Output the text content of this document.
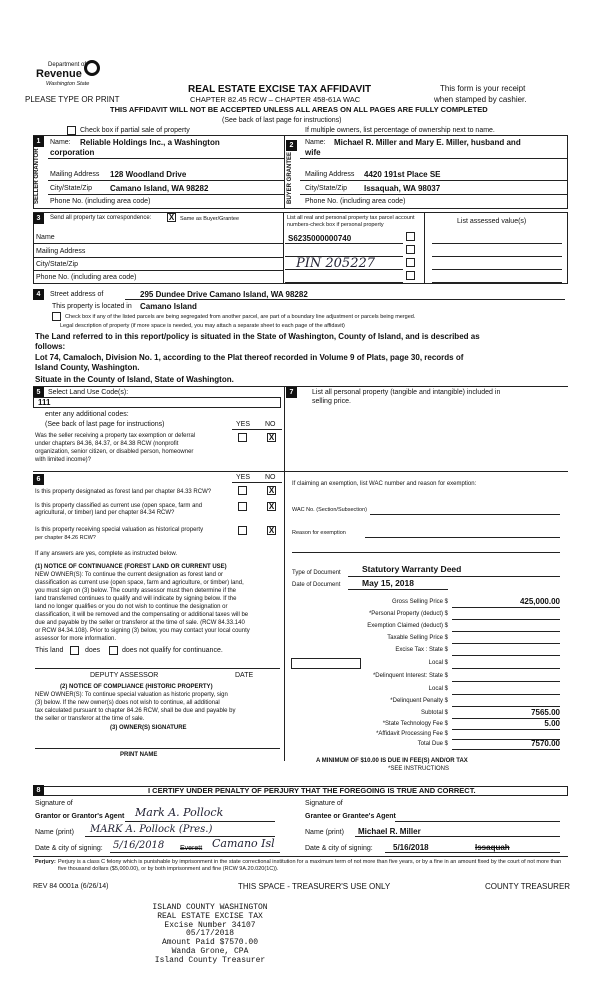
Department of
Revenue
Washington State	REAL ESTATE EXCISE TAX AFFIDAVIT
PLEASE TYPE OR PRINT	CHAPTER 82.45 RCW – CHAPTER 458-61A WAC
This form is your receipt
when stamped by cashier.
THIS AFFIDAVIT WILL NOT BE ACCEPTED UNLESS ALL AREAS ON ALL PAGES ARE FULLY COMPLETED
(See back of last page for instructions)
Check box if partial sale of property	If multiple owners, list percentage of ownership next to name.
1
SELLER GRANTOR
Name: Reliable Holdings Inc., a Washington
corporation
Mailing Address 128 Woodland Drive
City/State/Zip Camano Island, WA 98282
Phone No. (including area code)
2
BUYER GRANTEE
Name: Michael R. Miller and Mary E. Miller, husband and
wife
Mailing Address 4420 191st Place SE
City/State/Zip Issaquah, WA 98037
Phone No. (including area code)
3	Send all property tax correspondence: X	Same as Buyer/Grantee
Name
Mailing Address
City/State/Zip
Phone No. (including area code)
List all real and personal property tax parcel account numbers-check box if personal property
S6235000000740
PIN 205227
List assessed value(s)
4	Street address of	295 Dundee Drive Camano Island, WA 98282
This property is located in Camano Island
Check box if any of the listed parcels are being segregated from another parcel, are part of a boundary line adjustment or parcels being merged.
Legal description of property (if more space is needed, you may attach a separate sheet to each page of the affidavit)
The Land referred to in this report/policy is situated in the State of Washington, County of Island, and is described as
follows:
Lot 74, Camaloch, Division No. 1, according to the Plat thereof recorded in Volume 9 of Plats, page 30, records of
Island County, Washington.
Situate in the County of Island, State of Washington.
5	Select Land Use Code(s):
111
enter any additional codes:
(See back of last page for instructions)	YES NO
Was the seller receiving a property tax exemption or deferral
under chapters 84.36, 84.37, or 84.38 RCW (nonprofit
organization, senior citizen, or disabled person, homeowner
with limited income)?
X
7	List all personal property (tangible and intangible) included in
selling price.
6	YES NO
Is this property designated as forest land per chapter 84.33 RCW?	X
Is this property classified as current use (open space, farm and
agricultural, or timber) land per chapter 84.34 RCW?
X
Is this property receiving special valuation as historical property
per chapter 84.26 RCW?
X
If any answers are yes, complete as instructed below.
(1) NOTICE OF CONTINUANCE (FOREST LAND OR CURRENT USE)
NEW OWNER(S): To continue the current designation as forest land or
classification as current use (open space, farm and agriculture, or timber) land,
you must sign on (3) below. The county assessor must then determine if the
land transferred continues to qualify and will indicate by signing below. If the
land no longer qualifies or you do not wish to continue the designation or
classification, it will be removed and the compensating or additional taxes will be
due and payable by the seller or transferor at the time of sale. (RCW 84.33.140
or RCW 84.34.108). Prior to signing (3) below, you may contact your local county
assessor for more information.
This land	does	does not qualify for continuance.
DEPUTY ASSESSOR	DATE
(2) NOTICE OF COMPLIANCE (HISTORIC PROPERTY)
NEW OWNER(S): To continue special valuation as historic property, sign
(3) below. If the new owner(s) does not wish to continue, all additional
tax calculated pursuant to chapter 84.26 RCW, shall be due and payable by
the seller or transferor at the time of sale.
(3) OWNER(S) SIGNATURE
PRINT NAME
If claiming an exemption, list WAC number and reason for exemption:
WAC No. (Section/Subsection)
Reason for exemption
Type of Document	Statutory Warranty Deed
Date of Document	May 15, 2018
Gross Selling Price $	425,000.00
*Personal Property (deduct) $
Exemption Claimed (deduct) $
Taxable Selling Price $
Excise Tax : State $
Local $
*Delinquent Interest: State $
Local $
*Delinquent Penalty $
Subtotal $	7565.00
*State Technology Fee $	5.00
*Affidavit Processing Fee $
Total Due $	7570.00
A MINIMUM OF $10.00 IS DUE IN FEE(S) AND/OR TAX
*SEE INSTRUCTIONS
8	I CERTIFY UNDER PENALTY OF PERJURY THAT THE FOREGOING IS TRUE AND CORRECT.
Signature of
Grantor or Grantor's Agent Mark A. Pollock
Name (print) MARK A. Pollock (Pres.)
Date & city of signing: 5/16/2018 Everett Camano Isl
Signature of
Grantee or Grantee's Agent
Name (print) Michael R. Miller
Date & city of signing:	5/16/2018	Issaquah
Perjury: Perjury is a class C felony which is punishable by imprisonment in the state correctional institution for a maximum term of not more than five years, or by a fine in an amount fixed by the court of not more than five thousand dollars ($5,000.00), or by both imprisonment and fine (RCW 9A.20.020(1C)).
REV 84 0001a (6/26/14)	THIS SPACE - TREASURER'S USE ONLY	COUNTY TREASURER
ISLAND COUNTY WASHINGTON
REAL ESTATE EXCISE TAX
Excise Number 34107
05/17/2018
Amount Paid $7570.00
Wanda Grone, CPA
Island County Treasurer
